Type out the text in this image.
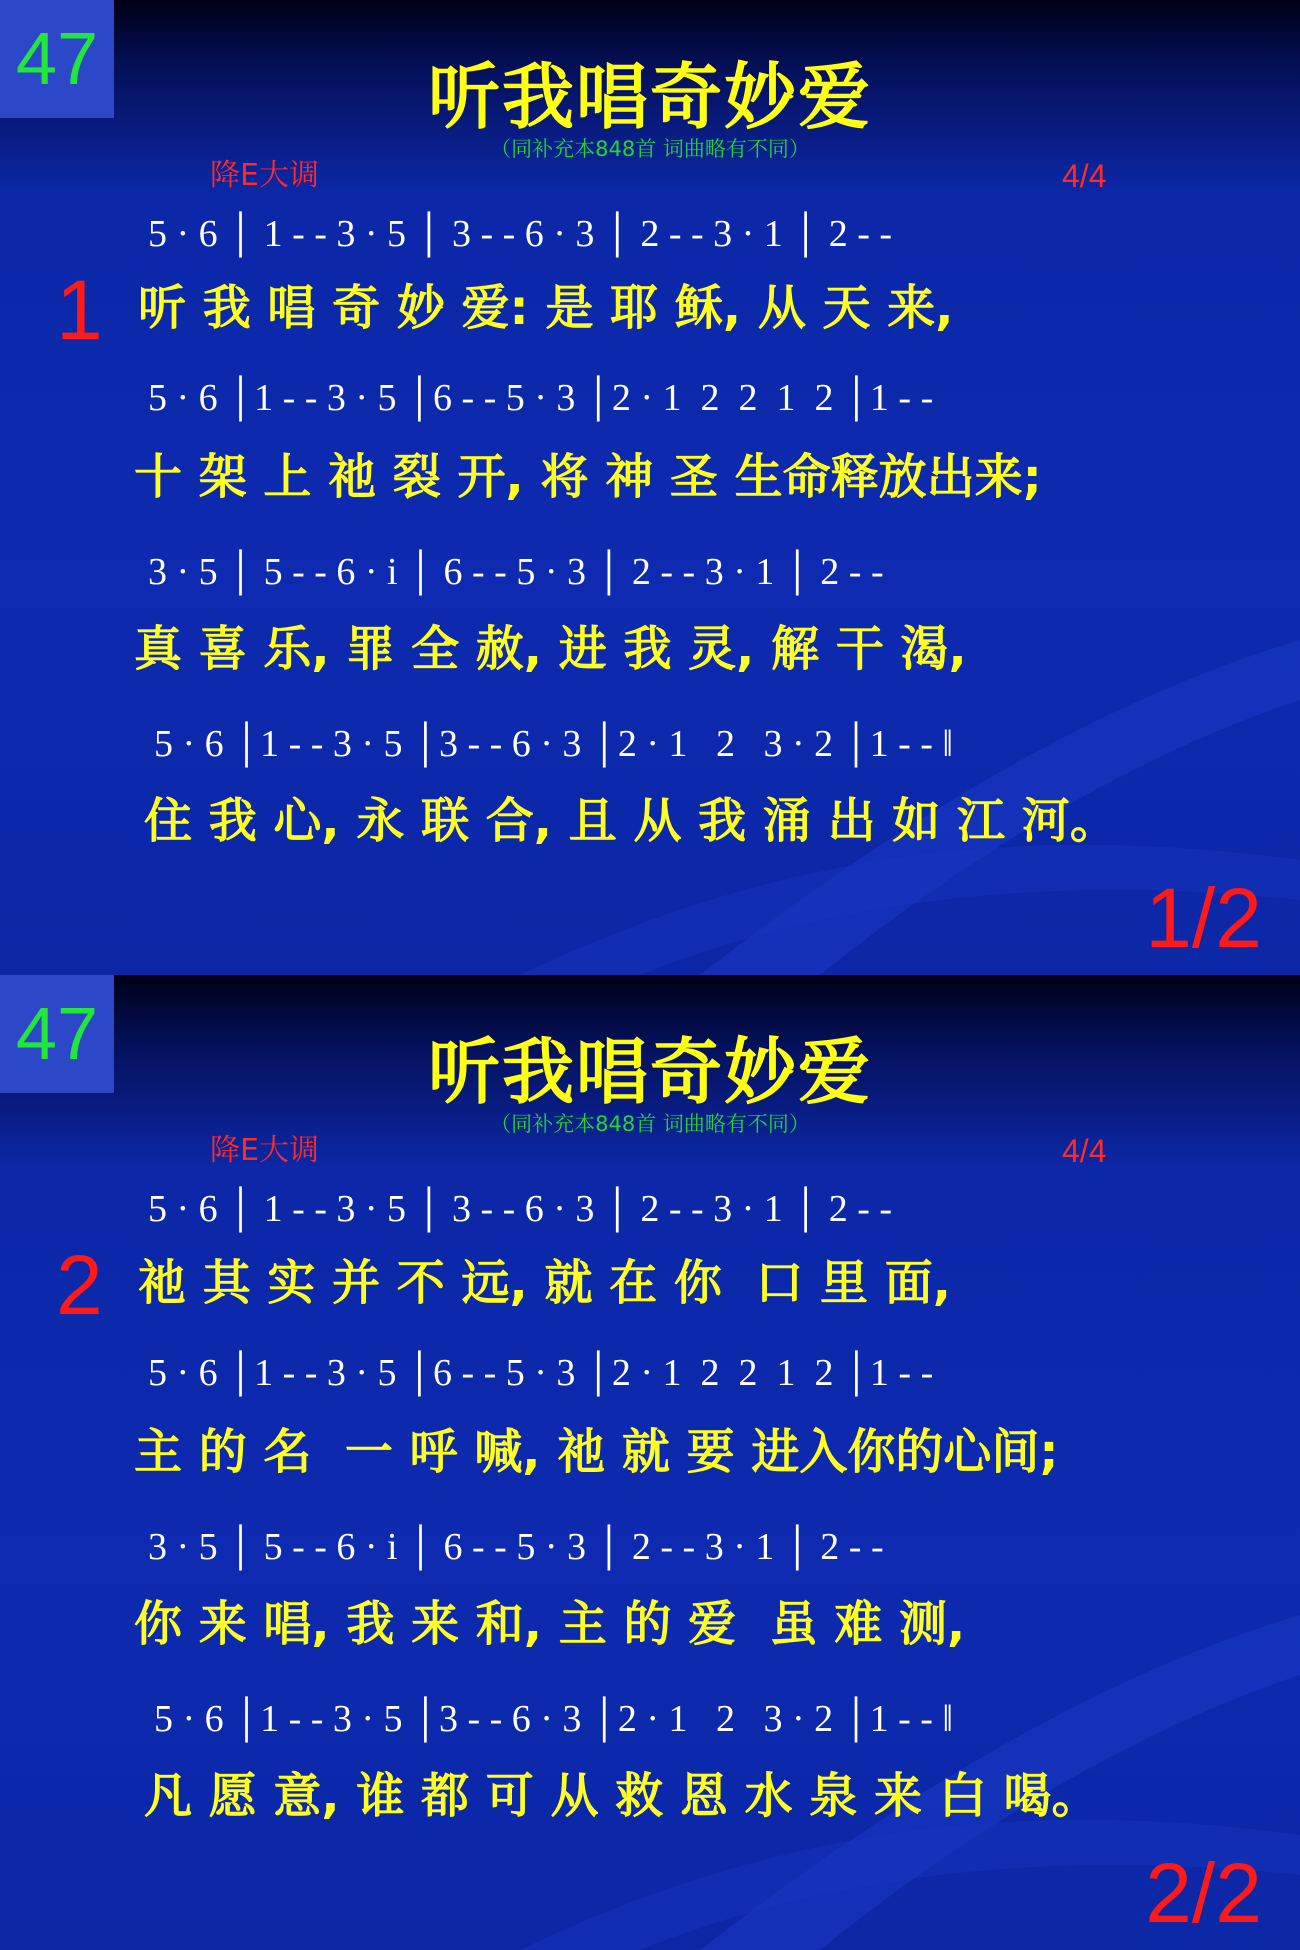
47	听我唱奇妙爱
（同补充本848首 词曲略有不同）
降E大调	4/4
1
5 · 6 │ 1 - - 3 · 5 │ 3 - - 6 · 3 │ 2 - - 3 · 1 │ 2 - -
听 我 唱 奇 妙 爱: 是 耶 稣, 从 天 来,
5 · 6 │1 - - 3 · 5 │6 - - 5 · 3 │2 · 1  2  2  1  2 │1 - -
十 架 上 祂 裂 开, 将 神 圣 生命释放出来;
3 · 5 │ 5 - - 6 · i │ 6 - - 5 · 3 │ 2 - - 3 · 1 │ 2 - -
真 喜 乐, 罪 全 赦, 进 我 灵, 解 干 渴,
5 · 6 │1 - - 3 · 5 │3 - - 6 · 3 │2 · 1   2   3 · 2 │1 - - ‖
住 我 心, 永 联 合, 且 从 我 涌 出 如 江 河。
1/2
47	听我唱奇妙爱
（同补充本848首 词曲略有不同）
降E大调	4/4
2
5 · 6 │ 1 - - 3 · 5 │ 3 - - 6 · 3 │ 2 - - 3 · 1 │ 2 - -
祂 其 实 并 不 远, 就 在 你  口 里 面,
5 · 6 │1 - - 3 · 5 │6 - - 5 · 3 │2 · 1  2  2  1  2 │1 - -
主 的 名  一 呼 喊, 祂 就 要 进入你的心间;
3 · 5 │ 5 - - 6 · i │ 6 - - 5 · 3 │ 2 - - 3 · 1 │ 2 - -
你 来 唱, 我 来 和, 主 的 爱  虽 难 测,
5 · 6 │1 - - 3 · 5 │3 - - 6 · 3 │2 · 1   2   3 · 2 │1 - - ‖
凡 愿 意, 谁 都 可 从 救 恩 水 泉 来 白 喝。
2/2
